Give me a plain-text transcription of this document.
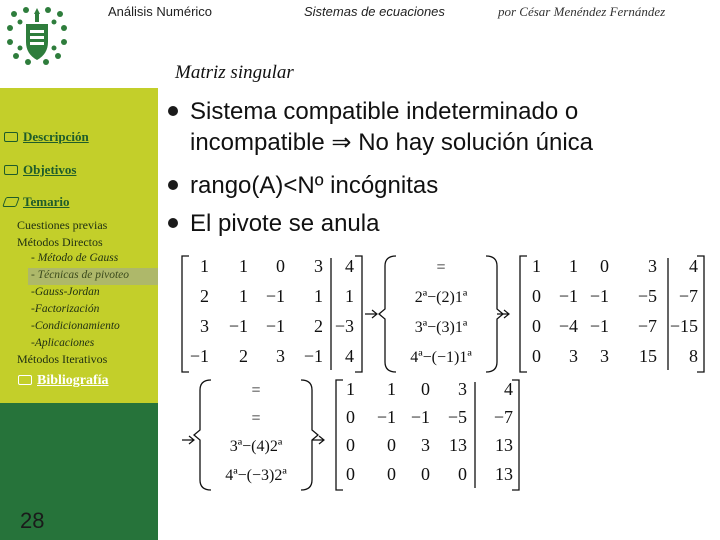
Análisis Numérico	Sistemas de ecuaciones	por César Menéndez Fernández
Matriz singular
Descripción
Objetivos
Temario
Cuestiones previas
Métodos Directos
- Método de Gauss
- Técnicas de pivoteo
-Gauss-Jordan
-Factorización
-Condicionamiento
-Aplicaciones
Métodos Iterativos
Bibliografía
28
Sistema compatible indeterminado o
incompatible ⇒ No hay solución única
rango(A)<Nº incógnitas
El pivote se anula
1 1 0 3 4
2 1 −1 1 1
3 −1 −1 2 −3
−1 2 3 −1 4
=
2ª−(2)1ª
3ª−(3)1ª
4ª−(−1)1ª
1 1 0 3 4
0 −1 −1 −5 −7
0 −4 −1 −7 −15
0 3 3 15 8
=
=
3ª−(4)2ª
4ª−(−3)2ª
1 1 0 3 4
0 −1 −1 −5 −7
0 0 3 13 13
0 0 0 0 13
